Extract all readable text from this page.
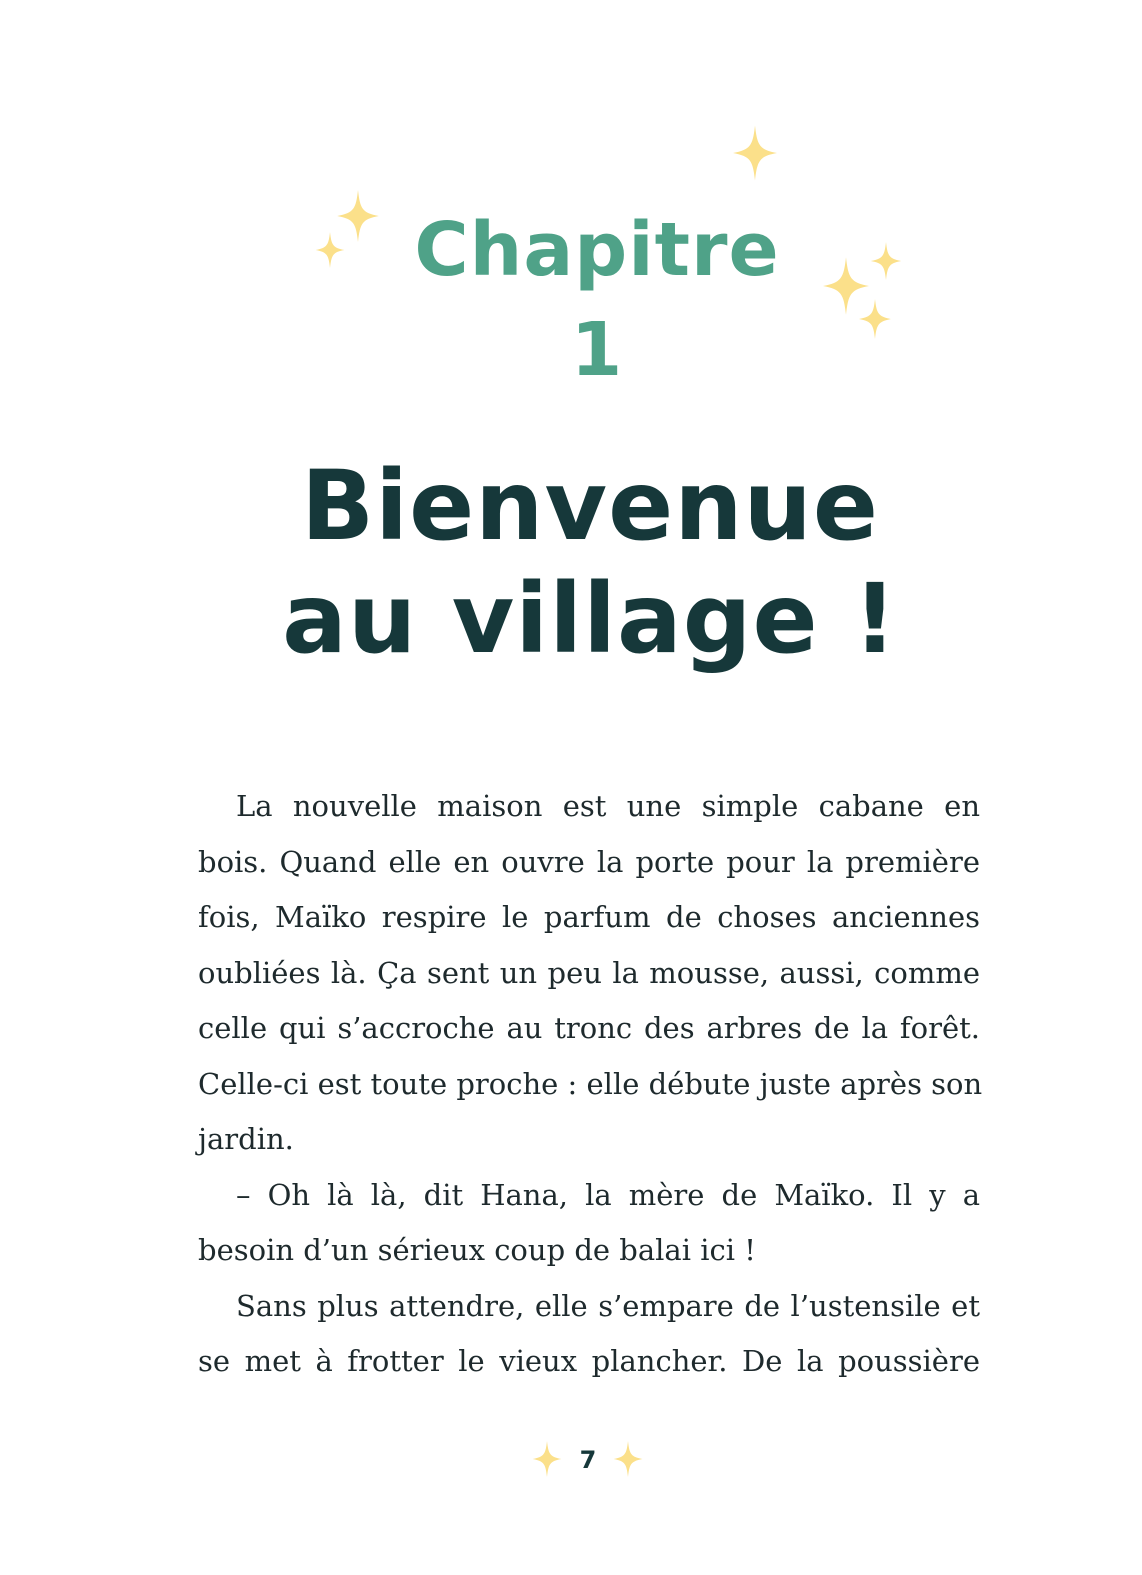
Chapitre
1
Bienvenue
au village !
La nouvelle maison est une simple cabane en
bois. Quand elle en ouvre la porte pour la première
fois, Maïko respire le parfum de choses anciennes
oubliées là. Ça sent un peu la mousse, aussi, comme
celle qui s’accroche au tronc des arbres de la forêt.
Celle-ci est toute proche : elle débute juste après son
jardin.
– Oh là là, dit Hana, la mère de Maïko. Il y a
besoin d’un sérieux coup de balai ici !
Sans plus attendre, elle s’empare de l’ustensile et
se met à frotter le vieux plancher. De la poussière
7
